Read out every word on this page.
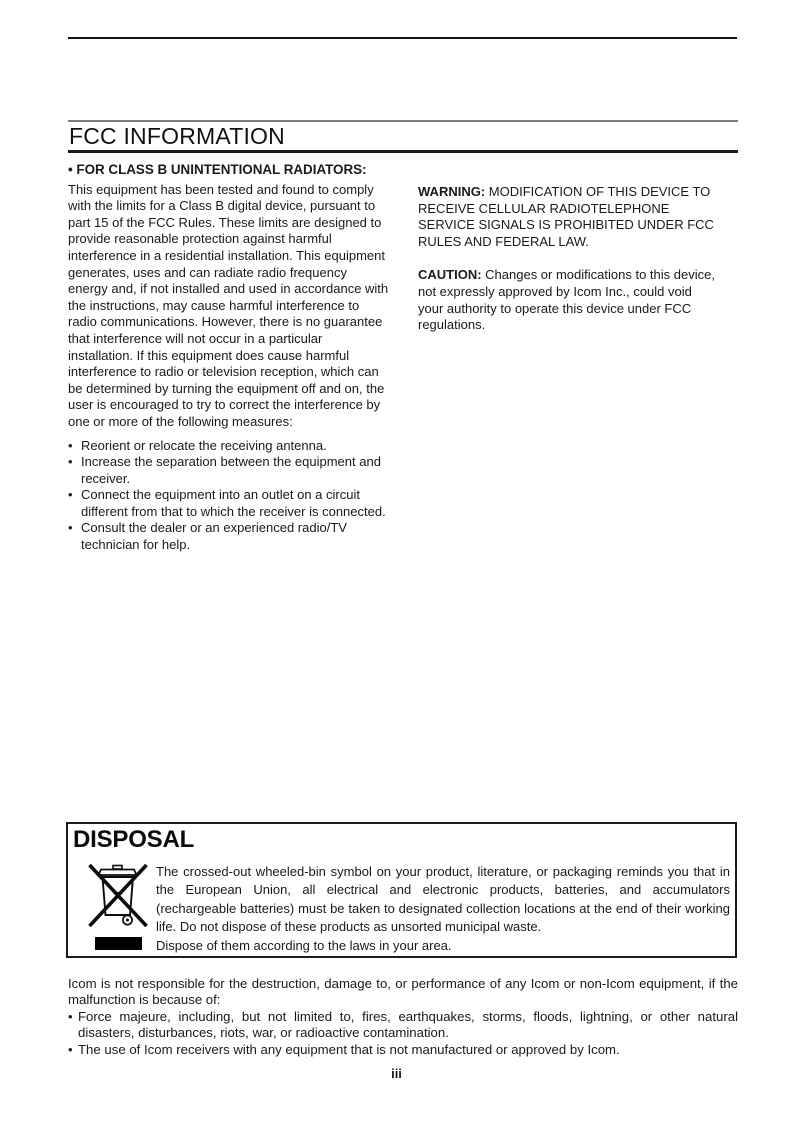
FCC INFORMATION
• FOR CLASS B UNINTENTIONAL RADIATORS:

This equipment has been tested and found to comply with the limits for a Class B digital device, pursuant to part 15 of the FCC Rules. These limits are designed to provide reasonable protection against harmful interference in a residential installation. This equipment generates, uses and can radiate radio frequency energy and, if not installed and used in accordance with the instructions, may cause harmful interference to radio communications. However, there is no guarantee that interference will not occur in a particular installation. If this equipment does cause harmful interference to radio or television reception, which can be determined by turning the equipment off and on, the user is encouraged to try to correct the interference by one or more of the following measures:

• Reorient or relocate the receiving antenna.
• Increase the separation between the equipment and receiver.
• Connect the equipment into an outlet on a circuit different from that to which the receiver is connected.
• Consult the dealer or an experienced radio/TV technician for help.

WARNING: MODIFICATION OF THIS DEVICE TO RECEIVE CELLULAR RADIOTELEPHONE SERVICE SIGNALS IS PROHIBITED UNDER FCC RULES AND FEDERAL LAW.

CAUTION: Changes or modifications to this device, not expressly approved by Icom Inc., could void your authority to operate this device under FCC regulations.

DISPOSAL

The crossed-out wheeled-bin symbol on your product, literature, or packaging reminds you that in the European Union, all electrical and electronic products, batteries, and accumulators (rechargeable batteries) must be taken to designated collection locations at the end of their working life. Do not dispose of these products as unsorted municipal waste.

Dispose of them according to the laws in your area.

Icom is not responsible for the destruction, damage to, or performance of any Icom or non-Icom equipment, if the malfunction is because of:

• Force majeure, including, but not limited to, fires, earthquakes, storms, floods, lightning, or other natural disasters, disturbances, riots, war, or radioactive contamination.
• The use of Icom receivers with any equipment that is not manufactured or approved by Icom.
iii
